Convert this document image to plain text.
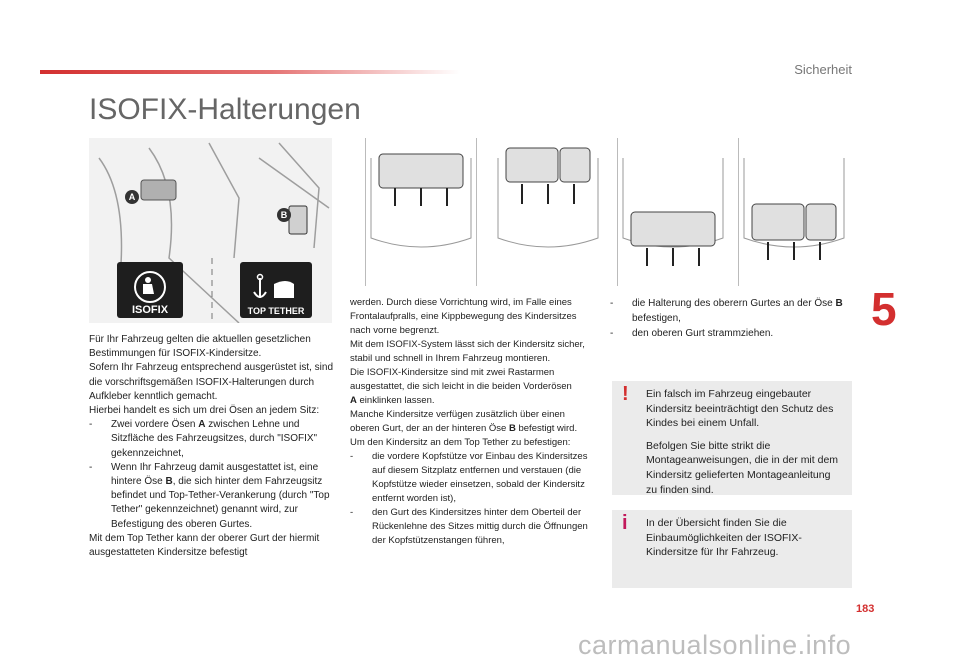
Sicherheit
ISOFIX-Halterungen
A
B
ISOFIX	TOP TETHER

Für Ihr Fahrzeug gelten die aktuellen gesetzlichen Bestimmungen für ISOFIX-Kindersitze.

Sofern Ihr Fahrzeug entsprechend ausgerüstet ist, sind die vorschriftsgemäßen ISOFIX-Halterungen durch Aufkleber kenntlich gemacht.

Hierbei handelt es sich um drei Ösen an jedem Sitz:

-	Zwei vordere Ösen A zwischen Lehne und Sitzfläche des Fahrzeugsitzes, durch "ISOFIX" gekennzeichnet,
-	Wenn Ihr Fahrzeug damit ausgestattet ist, eine hintere Öse B, die sich hinter dem Fahrzeugsitz befindet und Top-Tether-Verankerung (durch "Top Tether" gekennzeichnet) genannt wird, zur Befestigung des oberen Gurtes.

Mit dem Top Tether kann der oberer Gurt der hiermit ausgestatteten Kindersitze befestigt

werden. Durch diese Vorrichtung wird, im Falle eines Frontalaufpralls, eine Kippbewegung des Kindersitzes nach vorne begrenzt.

Mit dem ISOFIX-System lässt sich der Kindersitz sicher, stabil und schnell in Ihrem Fahrzeug montieren.

Die ISOFIX-Kindersitze sind mit zwei Rastarmen ausgestattet, die sich leicht in die beiden Vorderösen
A einklinken lassen.

Manche Kindersitze verfügen zusätzlich über einen oberen Gurt, der an der hinteren Öse B befestigt wird.

Um den Kindersitz an dem Top Tether zu befestigen:

-	die vordere Kopfstütze vor Einbau des Kindersitzes auf diesem Sitzplatz entfernen und verstauen (die Kopfstütze wieder einsetzen, sobald der Kindersitz entfernt worden ist),
-	den Gurt des Kindersitzes hinter dem Oberteil der Rückenlehne des Sitzes mittig durch die Öffnungen der Kopfstützenstangen führen,
-	die Halterung des oberern Gurtes an der Öse B befestigen,
-	den oberen Gurt strammziehen.
! Ein falsch im Fahrzeug eingebauter Kindersitz beeinträchtigt den Schutz des Kindes bei einem Unfall.

Befolgen Sie bitte strikt die Montageanweisungen, die in der mit dem Kindersitz gelieferten Montageanleitung zu finden sind.

i In der Übersicht finden Sie die Einbaumöglichkeiten der ISOFIX-Kindersitze für Ihr Fahrzeug.

5
183
carmanualsonline.info
